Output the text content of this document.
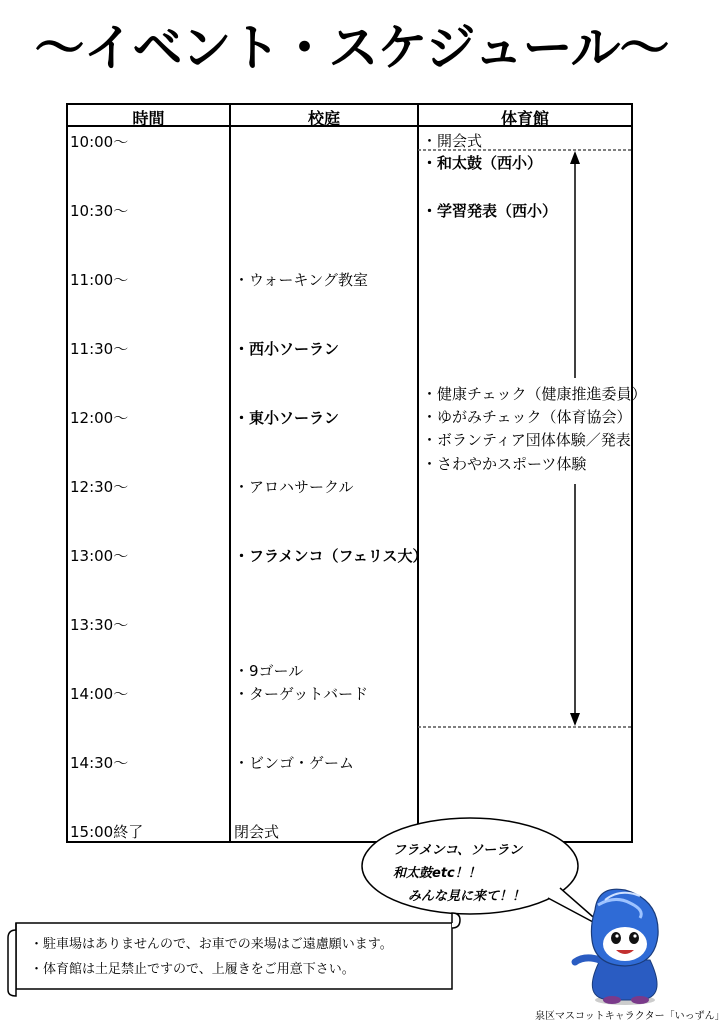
〜イベント・スケジュール〜
時間	校庭	体育館
10:00〜
10:30〜
11:00〜
11:30〜
12:00〜
12:30〜
13:00〜
13:30〜
14:00〜
14:30〜
15:00終了
・ウォーキング教室
・西小ソーラン
・東小ソーラン
・アロハサークル
・フラメンコ（フェリス大）
・9ゴール
・ターゲットバード
・ビンゴ・ゲーム
閉会式
・開会式
・和太鼓（西小）
・学習発表（西小）
・健康チェック（健康推進委員）
・ゆがみチェック（体育協会）
・ボランティア団体体験／発表
・さわやかスポーツ体験
フラメンコ、ソーラン
和太鼓etc！！
みんな見に来て！！
・駐車場はありませんので、お車での来場はご遠慮願います。
・体育館は土足禁止ですので、上履きをご用意下さい。
泉区マスコットキャラクター「いっずん」
